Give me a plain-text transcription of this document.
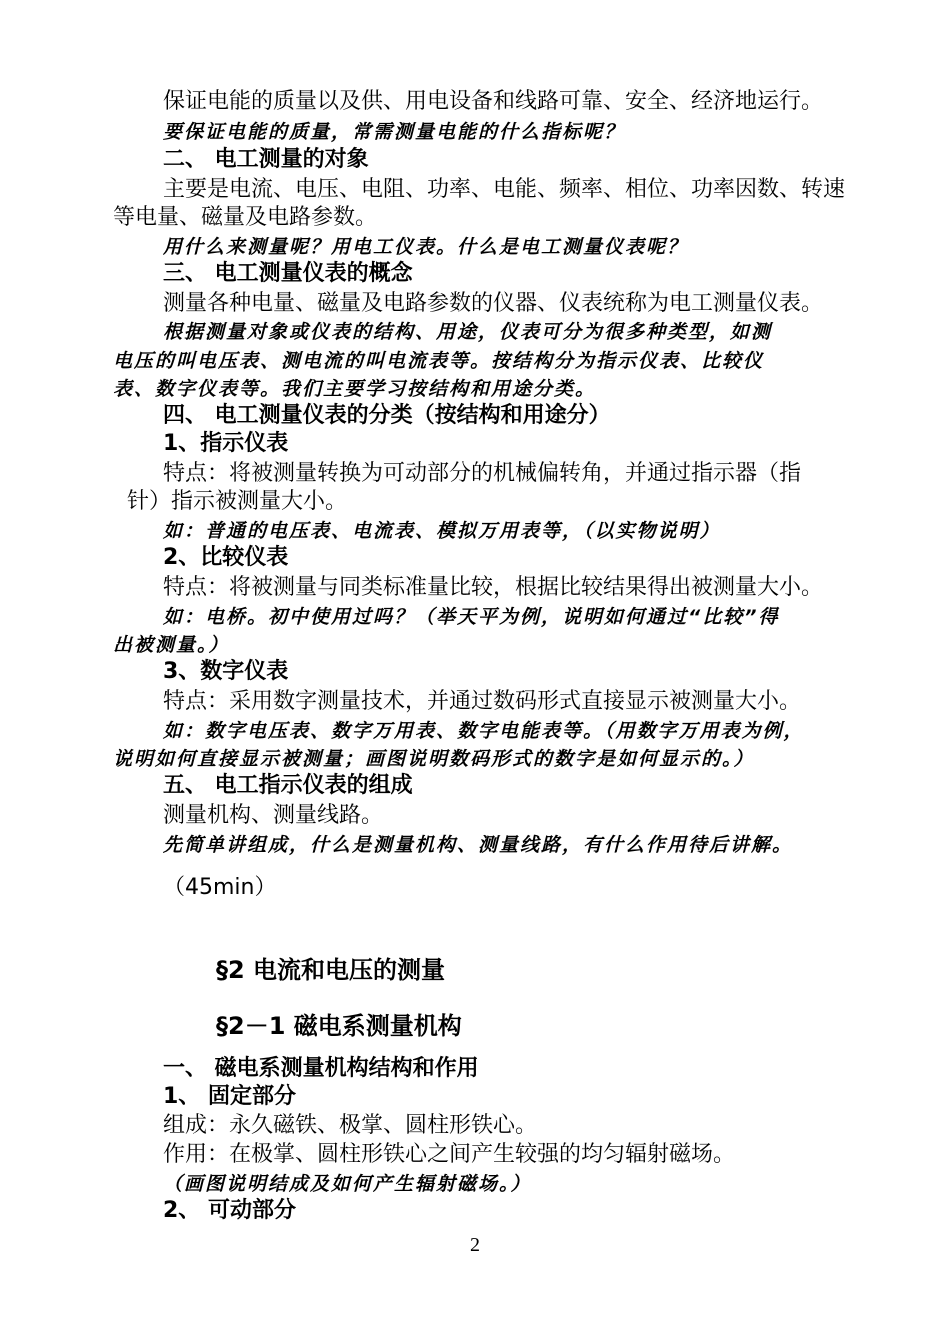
保证电能的质量以及供、用电设备和线路可靠、安全、经济地运行。
要保证电能的质量，常需测量电能的什么指标呢？
二、 电工测量的对象
主要是电流、电压、电阻、功率、电能、频率、相位、功率因数、转速
等电量、磁量及电路参数。
用什么来测量呢？用电工仪表。什么是电工测量仪表呢？
三、 电工测量仪表的概念
测量各种电量、磁量及电路参数的仪器、仪表统称为电工测量仪表。
根据测量对象或仪表的结构、用途，仪表可分为很多种类型，如测
电压的叫电压表、测电流的叫电流表等。按结构分为指示仪表、比较仪
表、数字仪表等。我们主要学习按结构和用途分类。
四、 电工测量仪表的分类（按结构和用途分）
1、指示仪表
特点：将被测量转换为可动部分的机械偏转角，并通过指示器（指
针）指示被测量大小。
如：普通的电压表、电流表、模拟万用表等，（以实物说明）
2、比较仪表
特点：将被测量与同类标准量比较，根据比较结果得出被测量大小。
如：电桥。初中使用过吗？（举天平为例，说明如何通过“比较”得
出被测量。）
3、数字仪表
特点：采用数字测量技术，并通过数码形式直接显示被测量大小。
如：数字电压表、数字万用表、数字电能表等。（用数字万用表为例，
说明如何直接显示被测量；画图说明数码形式的数字是如何显示的。）
五、 电工指示仪表的组成
测量机构、测量线路。
先简单讲组成，什么是测量机构、测量线路，有什么作用待后讲解。
（45min）
§2 电流和电压的测量
§2－1 磁电系测量机构
一、 磁电系测量机构结构和作用
1、 固定部分
组成：永久磁铁、极掌、圆柱形铁心。
作用：在极掌、圆柱形铁心之间产生较强的均匀辐射磁场。
（画图说明结成及如何产生辐射磁场。）
2、 可动部分
2
